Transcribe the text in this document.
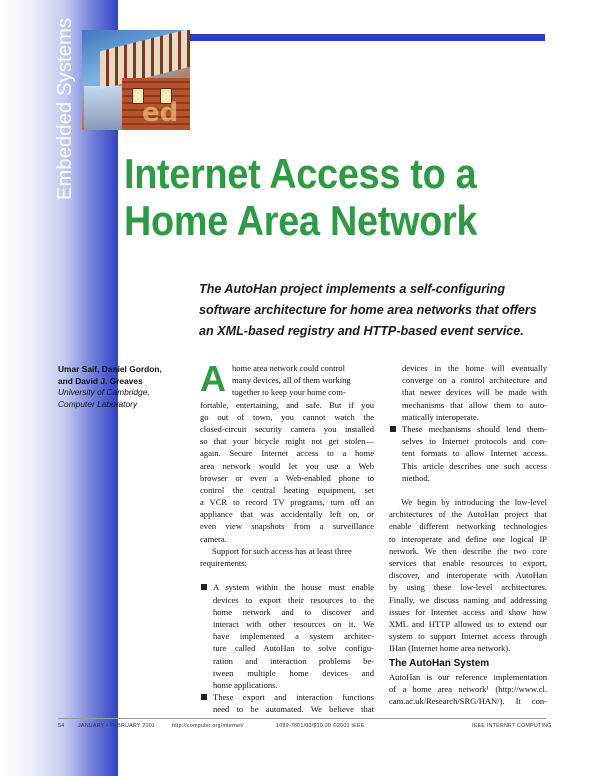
ed
Embedded Systems Internet Access to a
Home Area Network
The AutoHan project implements a self-configuring
software architecture for home area networks that offers
an XML-based registry and HTTP-based event service.
Umar Saif, Daniel Gordon,
and David J. Greaves
University of Cambridge,
Computer Laboratory
A home area network could control
many devices, all of them working
together to keep your home com-
fortable, entertaining, and safe. But if you
go out of town, you cannot watch the
closed-circuit security camera you installed
so that your bicycle might not get stolen—
again. Secure Internet access to a home
area network would let you use a Web
browser or even a Web-enabled phone to
control the central heating equipment, set
a VCR to record TV programs, turn off an
appliance that was accidentally left on, or
even view snapshots from a surveillance
camera.
Support for such access has at least three
requirements:
A system within the house must enable
devices to export their resources to the
home network and to discover and
interact with other resources on it. We
have implemented a system architec-
ture called AutoHan to solve configu-
ration and interaction problems be-
tween multiple home devices and
home applications.
These export and interaction functions
need to be automated. We believe that
devices in the home will eventually
converge on a control architecture and
that newer devices will be made with
mechanisms that allow them to auto-
matically interoperate.
These mechanisms should lend them-
selves to Internet protocols and con-
tent formats to allow Internet access.
This article describes one such access
method.
We begin by introducing the low-level
architectures of the AutoHan project that
enable different networking technologies
to interoperate and define one logical IP
network. We then describe the two core
services that enable resources to export,
discover, and interoperate with AutoHan
by using these low-level architectures.
Finally, we discuss naming and addressing
issues for Internet access and show how
XML and HTTP allowed us to extend our
system to support Internet access through
IHan (Internet home area network).
The AutoHan System
AutoHan is our reference implementation
of a home area network¹ (http://www.cl.
cam.ac.uk/Research/SRG/HAN/). It con-
54	JANUARY • FEBRUARY 2001	http://computer.org/internet/	1089-7801/00/$10.00 ©2001 IEEE	IEEE INTERNET COMPUTING
